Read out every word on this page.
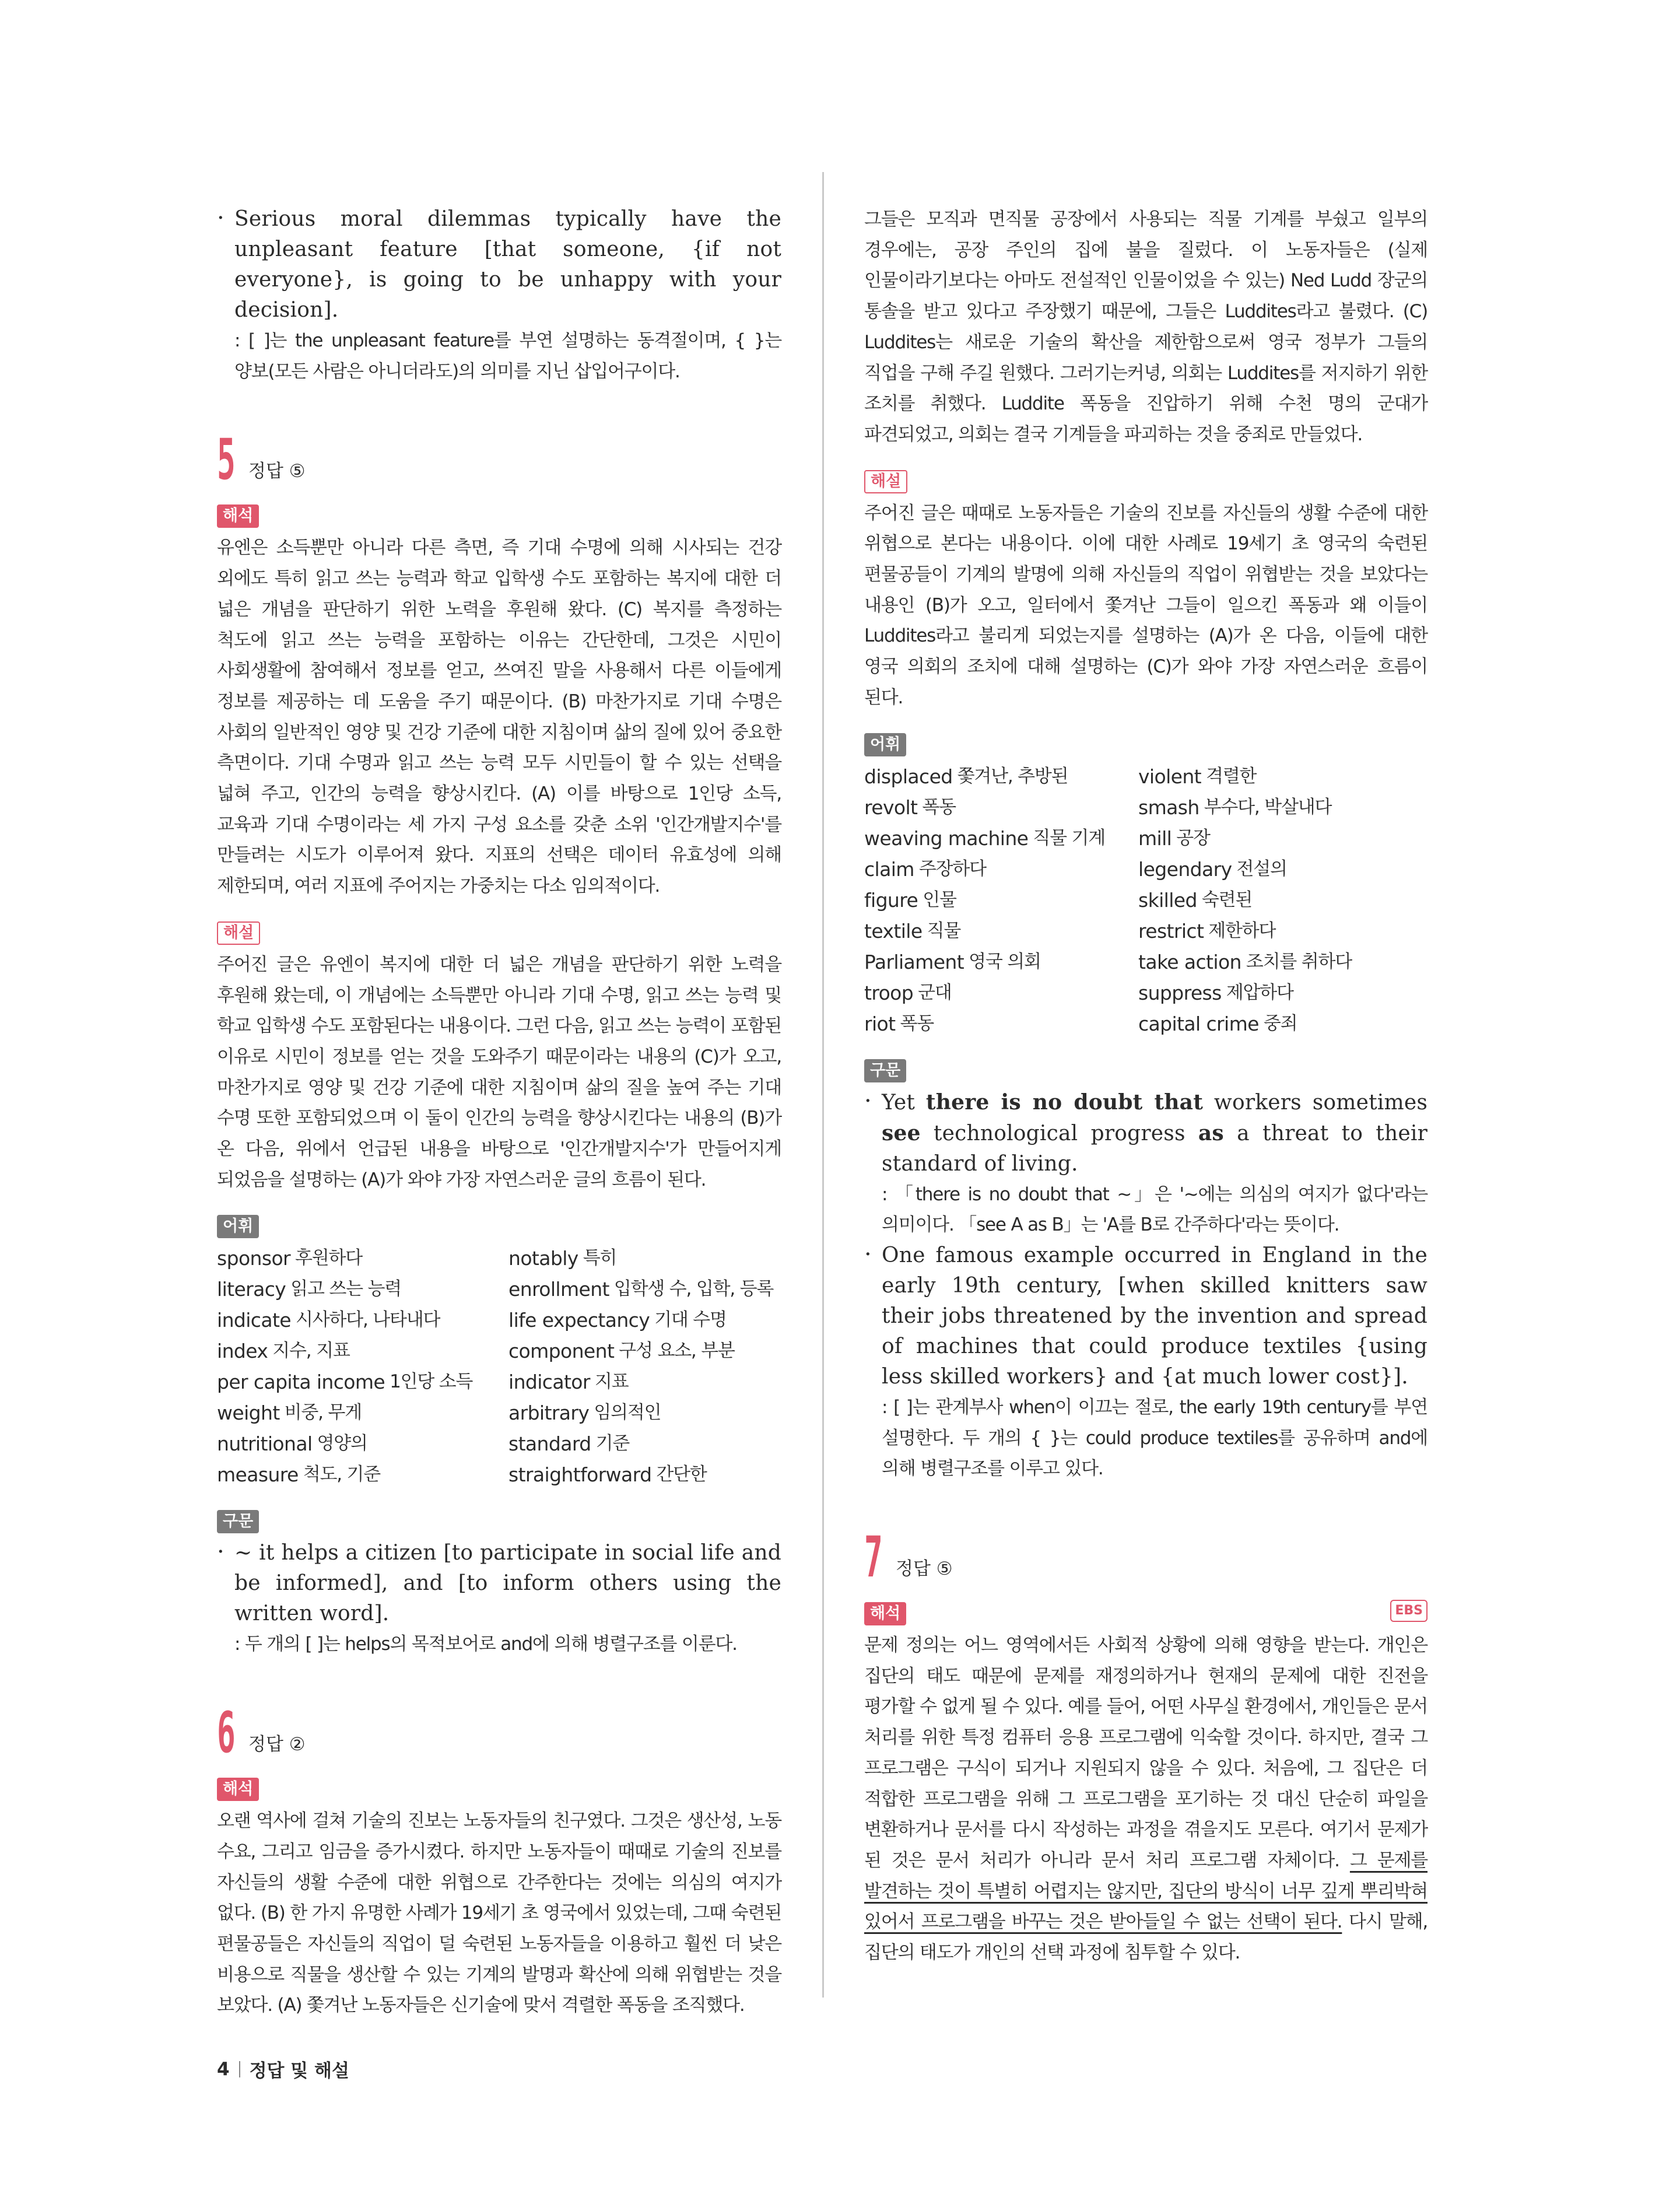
· Serious moral dilemmas typically have the unpleasant feature [that someone, {if not everyone}, is going to be unhappy with your decision].

: [ ]는 the unpleasant feature를 부연 설명하는 동격절이며, { }는 양보(모든 사람은 아니더라도)의 의미를 지닌 삽입어구이다.

5 정답 ⑤
해석

유엔은 소득뿐만 아니라 다른 측면, 즉 기대 수명에 의해 시사되는 건강 외에도 특히 읽고 쓰는 능력과 학교 입학생 수도 포함하는 복지에 대한 더 넓은 개념을 판단하기 위한 노력을 후원해 왔다. (C) 복지를 측정하는 척도에 읽고 쓰는 능력을 포함하는 이유는 간단한데, 그것은 시민이 사회생활에 참여해서 정보를 얻고, 쓰여진 말을 사용해서 다른 이들에게 정보를 제공하는 데 도움을 주기 때문이다. (B) 마찬가지로 기대 수명은 사회의 일반적인 영양 및 건강 기준에 대한 지침이며 삶의 질에 있어 중요한 측면이다. 기대 수명과 읽고 쓰는 능력 모두 시민들이 할 수 있는 선택을 넓혀 주고, 인간의 능력을 향상시킨다. (A) 이를 바탕으로 1인당 소득, 교육과 기대 수명이라는 세 가지 구성 요소를 갖춘 소위 '인간개발지수'를 만들려는 시도가 이루어져 왔다. 지표의 선택은 데이터 유효성에 의해 제한되며, 여러 지표에 주어지는 가중치는 다소 임의적이다.

해설

주어진 글은 유엔이 복지에 대한 더 넓은 개념을 판단하기 위한 노력을 후원해 왔는데, 이 개념에는 소득뿐만 아니라 기대 수명, 읽고 쓰는 능력 및 학교 입학생 수도 포함된다는 내용이다. 그런 다음, 읽고 쓰는 능력이 포함된 이유로 시민이 정보를 얻는 것을 도와주기 때문이라는 내용의 (C)가 오고, 마찬가지로 영양 및 건강 기준에 대한 지침이며 삶의 질을 높여 주는 기대 수명 또한 포함되었으며 이 둘이 인간의 능력을 향상시킨다는 내용의 (B)가 온 다음, 위에서 언급된 내용을 바탕으로 '인간개발지수'가 만들어지게 되었음을 설명하는 (A)가 와야 가장 자연스러운 글의 흐름이 된다.

어휘
sponsor 후원하다	notably 특히
literacy 읽고 쓰는 능력	enrollment 입학생 수, 입학, 등록
indicate 시사하다, 나타내다	life expectancy 기대 수명
index 지수, 지표	component 구성 요소, 부분
per capita income 1인당 소득 indicator 지표
weight 비중, 무게	arbitrary 임의적인
nutritional 영양의	standard 기준
measure 척도, 기준	straightforward 간단한
구문

· ~ it helps a citizen [to participate in social life and be informed], and [to inform others using the written word].

: 두 개의 [ ]는 helps의 목적보어로 and에 의해 병렬구조를 이룬다.

6 정답 ②
해석

오랜 역사에 걸쳐 기술의 진보는 노동자들의 친구였다. 그것은 생산성, 노동 수요, 그리고 임금을 증가시켰다. 하지만 노동자들이 때때로 기술의 진보를 자신들의 생활 수준에 대한 위협으로 간주한다는 것에는 의심의 여지가 없다. (B) 한 가지 유명한 사례가 19세기 초 영국에서 있었는데, 그때 숙련된 편물공들은 자신들의 직업이 덜 숙련된 노동자들을 이용하고 훨씬 더 낮은 비용으로 직물을 생산할 수 있는 기계의 발명과 확산에 의해 위협받는 것을 보았다. (A) 쫓겨난 노동자들은 신기술에 맞서 격렬한 폭동을 조직했다.

그들은 모직과 면직물 공장에서 사용되는 직물 기계를 부쉈고 일부의 경우에는, 공장 주인의 집에 불을 질렀다. 이 노동자들은 (실제 인물이라기보다는 아마도 전설적인 인물이었을 수 있는) Ned Ludd 장군의 통솔을 받고 있다고 주장했기 때문에, 그들은 Luddites라고 불렸다. (C) Luddites는 새로운 기술의 확산을 제한함으로써 영국 정부가 그들의 직업을 구해 주길 원했다. 그러기는커녕, 의회는 Luddites를 저지하기 위한 조치를 취했다. Luddite 폭동을 진압하기 위해 수천 명의 군대가 파견되었고, 의회는 결국 기계들을 파괴하는 것을 중죄로 만들었다.

해설

주어진 글은 때때로 노동자들은 기술의 진보를 자신들의 생활 수준에 대한 위협으로 본다는 내용이다. 이에 대한 사례로 19세기 초 영국의 숙련된 편물공들이 기계의 발명에 의해 자신들의 직업이 위협받는 것을 보았다는 내용인 (B)가 오고, 일터에서 쫓겨난 그들이 일으킨 폭동과 왜 이들이 Luddites라고 불리게 되었는지를 설명하는 (A)가 온 다음, 이들에 대한 영국 의회의 조치에 대해 설명하는 (C)가 와야 가장 자연스러운 흐름이 된다.

어휘
displaced 쫓겨난, 추방된	violent 격렬한
revolt 폭동	smash 부수다, 박살내다
weaving machine 직물 기계 mill 공장
claim 주장하다	legendary 전설의
figure 인물	skilled 숙련된
textile 직물	restrict 제한하다
Parliament 영국 의회	take action 조치를 취하다
troop 군대	suppress 제압하다
riot 폭동	capital crime 중죄
구문

· Yet there is no doubt that workers sometimes see technological progress as a threat to their standard of living.

: 「there is no doubt that ~」은 '~에는 의심의 여지가 없다'라는 의미이다. 「see A as B」는 'A를 B로 간주하다'라는 뜻이다.

· One famous example occurred in England in the early 19th century, [when skilled knitters saw their jobs threatened by the invention and spread of machines that could produce textiles {using less skilled workers} and {at much lower cost}].

: [ ]는 관계부사 when이 이끄는 절로, the early 19th century를 부연 설명한다. 두 개의 { }는 could produce textiles를 공유하며 and에 의해 병렬구조를 이루고 있다.

7 정답 ⑤
해석	EBS

문제 정의는 어느 영역에서든 사회적 상황에 의해 영향을 받는다. 개인은 집단의 태도 때문에 문제를 재정의하거나 현재의 문제에 대한 진전을 평가할 수 없게 될 수 있다. 예를 들어, 어떤 사무실 환경에서, 개인들은 문서 처리를 위한 특정 컴퓨터 응용 프로그램에 익숙할 것이다. 하지만, 결국 그 프로그램은 구식이 되거나 지원되지 않을 수 있다. 처음에, 그 집단은 더 적합한 프로그램을 위해 그 프로그램을 포기하는 것 대신 단순히 파일을 변환하거나 문서를 다시 작성하는 과정을 겪을지도 모른다. 여기서 문제가 된 것은 문서 처리가 아니라 문서 처리 프로그램 자체이다. 그 문제를 발견하는 것이 특별히 어렵지는 않지만, 집단의 방식이 너무 깊게 뿌리박혀 있어서 프로그램을 바꾸는 것은 받아들일 수 없는 선택이 된다. 다시 말해, 집단의 태도가 개인의 선택 과정에 침투할 수 있다.

4 정답 및 해설
